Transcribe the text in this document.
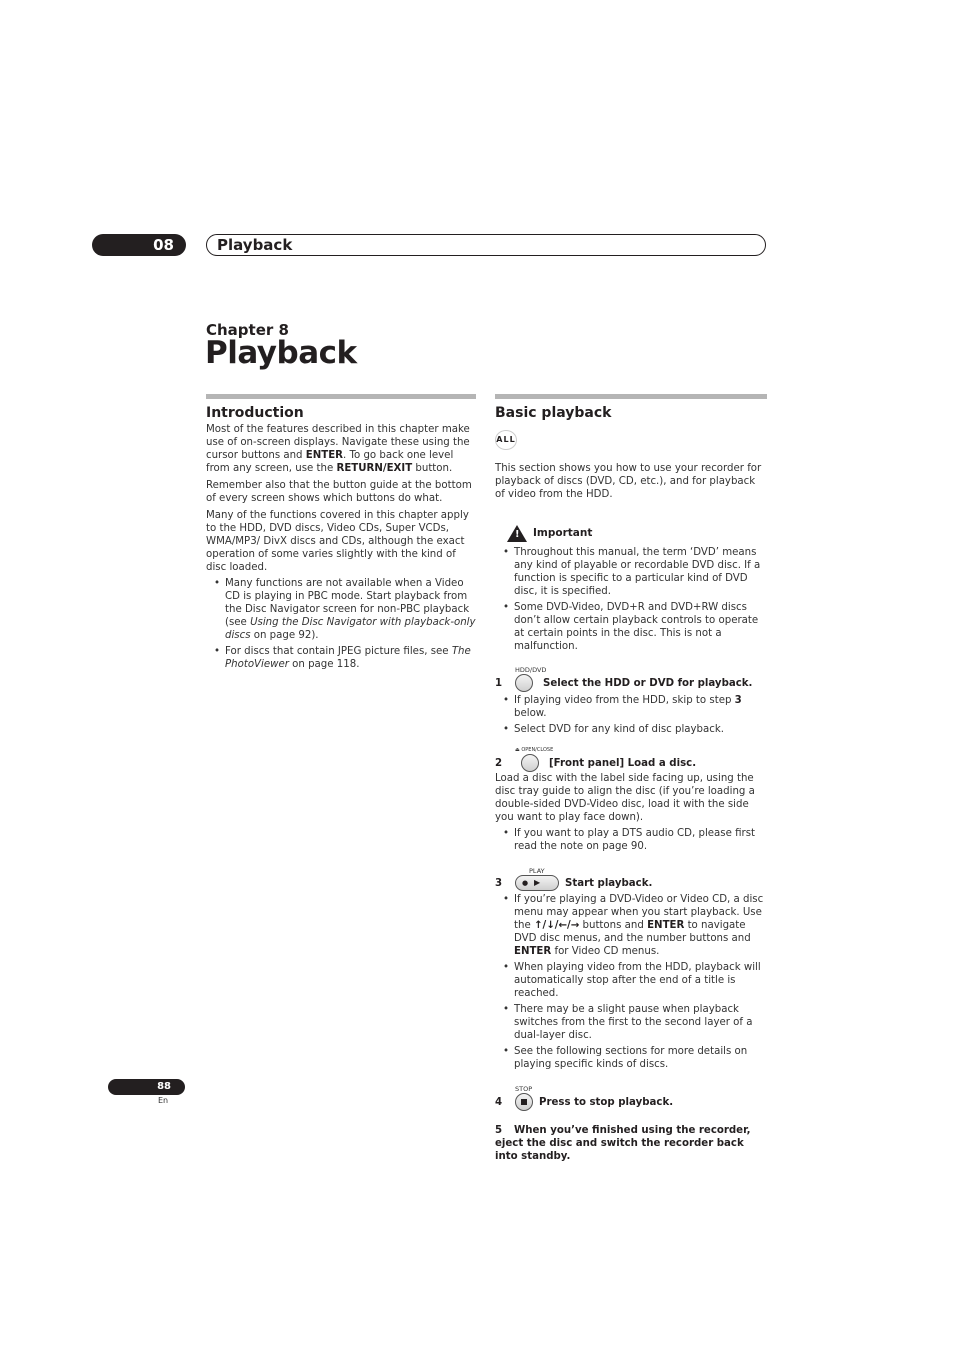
08	Playback
Chapter 8
Playback
Introduction

Most of the features described in this chapter make use of on-screen displays. Navigate these using the cursor buttons and ENTER. To go back one level from any screen, use the RETURN/EXIT button.

Remember also that the button guide at the bottom of every screen shows which buttons do what.

Many of the functions covered in this chapter apply to the HDD, DVD discs, Video CDs, Super VCDs, WMA/MP3/ DivX discs and CDs, although the exact operation of some varies slightly with the kind of disc loaded.

• Many functions are not available when a Video CD is playing in PBC mode. Start playback from the Disc Navigator screen for non-PBC playback (see Using the Disc Navigator with playback-only discs on page 92).
• For discs that contain JPEG picture files, see The PhotoViewer on page 118.
Basic playback
ALL

This section shows you how to use your recorder for playback of discs (DVD, CD, etc.), and for playback of video from the HDD.

!
Important
• Throughout this manual, the term ‘DVD’ means any kind of playable or recordable DVD disc. If a function is specific to a particular kind of DVD disc, it is specified.
• Some DVD-Video, DVD+R and DVD+RW discs don’t allow certain playback controls to operate at certain points in the disc. This is not a malfunction.
HDD/DVD
1	Select the HDD or DVD for playback.
• If playing video from the HDD, skip to step 3 below.
• Select DVD for any kind of disc playback.
⏏ OPEN/CLOSE
2	[Front panel] Load a disc.

Load a disc with the label side facing up, using the disc tray guide to align the disc (if you’re loading a double-sided DVD-Video disc, load it with the side you want to play face down).

• If you want to play a DTS audio CD, please first read the note on page 90.
PLAY
3	● ▶ Start playback.
• If you’re playing a DVD-Video or Video CD, a disc menu may appear when you start playback. Use the ↑/↓/←/→ buttons and ENTER to navigate DVD disc menus, and the number buttons and ENTER for Video CD menus.
• When playing video from the HDD, playback will automatically stop after the end of a title is reached.
• There may be a slight pause when playback switches from the first to the second layer of a dual-layer disc.
• See the following sections for more details on playing specific kinds of discs.
STOP
4	Press to stop playback.
5 When you’ve finished using the recorder, eject the disc and switch the recorder back into standby.
88
En
